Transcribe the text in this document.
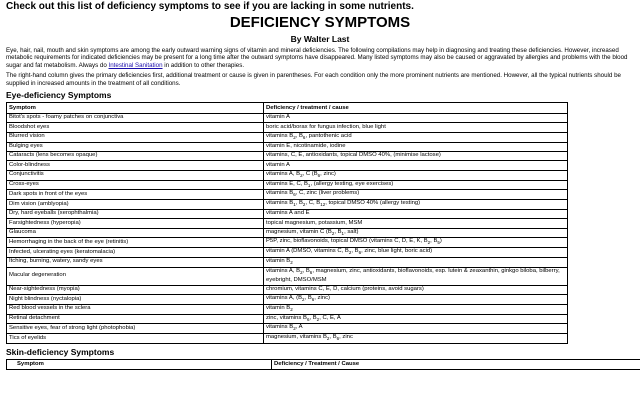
Check out this list of deficiency symptoms to see if you are lacking in some nutrients.
DEFICIENCY SYMPTOMS
By Walter Last
Eye, hair, nail, mouth and skin symptoms are among the early outward warning signs of vitamin and mineral deficiencies. The following compilations may help in diagnosing and treating these deficiencies. However, increased metabolic requirements for indicated deficiencies may be present for a long time after the outward symptoms have disappeared. Many listed symptoms may also be caused or aggravated by allergies and problems with the blood sugar and fat metabolism. Always do Intestinal Sanitation in addition to other therapies.
The right-hand column gives the primary deficiencies first, additional treatment or cause is given in parentheses. For each condition only the more prominent nutrients are mentioned. However, all the typical nutrients should be supplied in increased amounts in the treatment of all conditions.
Eye-deficiency Symptoms
Symptom	Deficiency / treatment / cause
Bitot's spots - foamy patches on conjunctiva	vitamin A
Bloodshot eyes	boric acid/borax for fungus infection, blue light
Blurred vision	vitamins $B_2$, $B_6$, pantothenic acid
Bulging eyes	vitamin E, nicotinamide, iodine
Cataracts (lens becomes opaque)	vitamins, C, E, antioxidants, topical DMSO 40%, (minimise lactose)
Color-blindness	vitamin A
Conjunctivitis	vitamins A, $B_2$, C ($B_6$, zinc)
Cross-eyes	vitamins E, C, $B_1$, (allergy testing, eye exercises)
Dark spots in front of the eyes	vitamins $B_6$, C, zinc (liver problems)
Dim vision (amblyopia)	vitamins $B_1$, $B_2$, C, $B_{12}$, topical DMSO 40% (allergy testing)
Dry, hard eyeballs (xerophthalmia)	vitamins A and E
Farsightedness (hyperopia)	topical magnesium, potassium, MSM
Glaucoma	magnesium, vitamin C ($B_2$, $B_1$, salt)
Hemorrhaging in the back of the eye (retinitis)	P5P, zinc, bioflavonoids, topical DMSO (vitamins C, D, E, K, $B_2$, $B_5$)
Infected, ulcerating eyes (keratomalacia)	vitamin A (DMSO, vitamins C, $B_2$, $B_6$, zinc, blue light, boric acid)
Itching, burning, watery, sandy eyes	vitamin $B_2$
Macular degeneration	vitamins A, $B_2$, $B_6$, magnesium, zinc, antioxidants, bioflavonoids, esp. lutein & zeaxanthin, ginkgo biloba, bilberry, eyebright, DMSO/MSM
Near-sightedness (myopia)	chromium, vitamins C, E, D, calcium (proteins, avoid sugars)
Night blindness (nyctalopia)	vitamins A, ($B_2$, $B_6$, zinc)
Red blood vessels in the sclera	vitamin $B_2$
Retinal detachment	zinc, vitamins $B_6$, $B_2$, C, E, A
Sensitive eyes, fear of strong light (photophobia)	vitamins $B_2$, A
Tics of eyelids	magnesium, vitamins $B_2$, $B_6$, zinc
Skin-deficiency Symptoms
Symptom	Deficiency / Treatment / Cause
